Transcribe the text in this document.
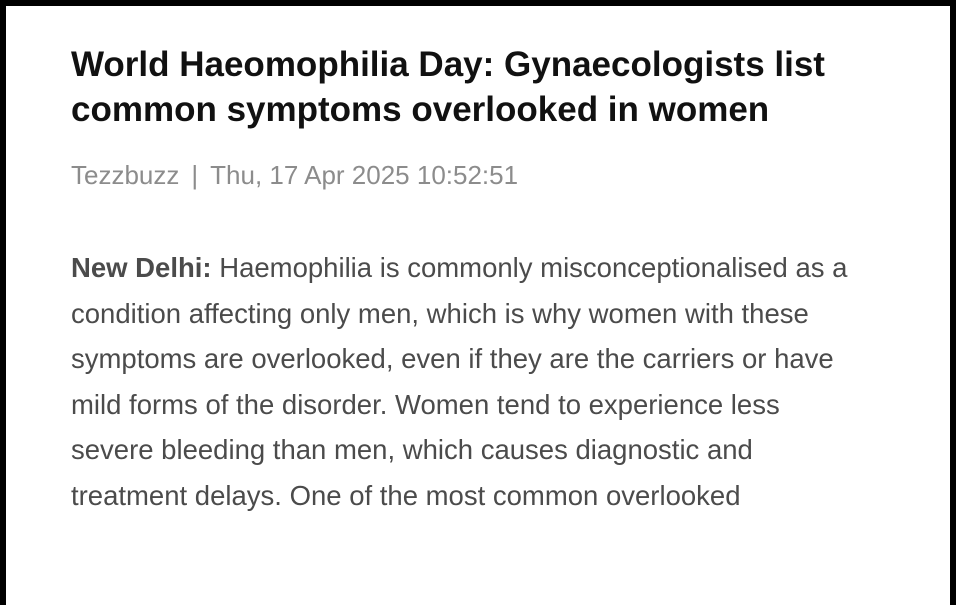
World Haeomophilia Day: Gynaecologists list common symptoms overlooked in women
Tezzbuzz | Thu, 17 Apr 2025 10:52:51

New Delhi: Haemophilia is commonly misconceptionalised as a condition affecting only men, which is why women with these symptoms are overlooked, even if they are the carriers or have mild forms of the disorder. Women tend to experience less severe bleeding than men, which causes diagnostic and treatment delays. One of the most common overlooked
